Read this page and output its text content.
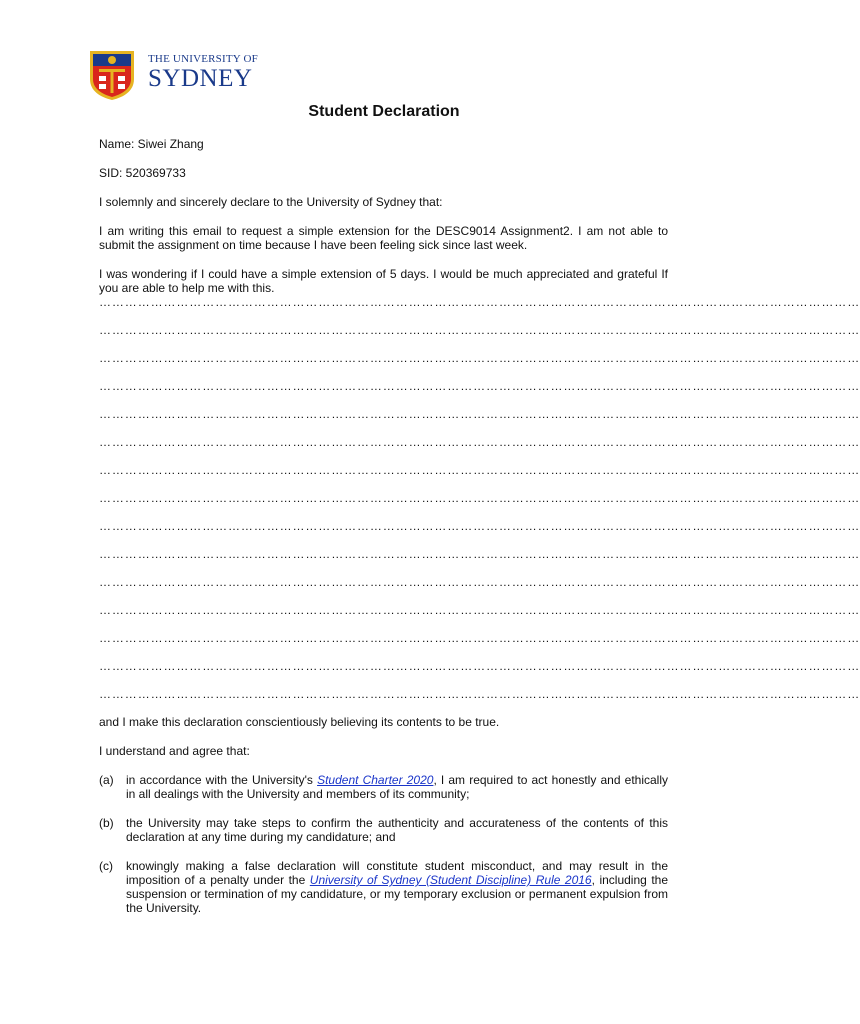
THE UNIVERSITY OF
SYDNEY
Student Declaration

Name: Siwei Zhang

SID: 520369733

I solemnly and sincerely declare to the University of Sydney that:

I am writing this email to request a simple extension for the DESC9014 Assignment2. I am not able to submit the assignment on time because I have been feeling sick since last week.

I was wondering if I could have a simple extension of 5 days. I would be much appreciated and grateful If you are able to help me with this.

……………………………………………………………………………………………………………………………………………………………

……………………………………………………………………………………………………………………………………………………………

……………………………………………………………………………………………………………………………………………………………

……………………………………………………………………………………………………………………………………………………………

……………………………………………………………………………………………………………………………………………………………

……………………………………………………………………………………………………………………………………………………………

……………………………………………………………………………………………………………………………………………………………

……………………………………………………………………………………………………………………………………………………………

……………………………………………………………………………………………………………………………………………………………

……………………………………………………………………………………………………………………………………………………………

……………………………………………………………………………………………………………………………………………………………

……………………………………………………………………………………………………………………………………………………………

……………………………………………………………………………………………………………………………………………………………

……………………………………………………………………………………………………………………………………………………………

……………………………………………………………………………………………………………………………………………………………

and I make this declaration conscientiously believing its contents to be true.

I understand and agree that:

(a)	in accordance with the University's Student Charter 2020, I am required to act honestly and ethically in all dealings with the University and members of its community;
(b)	the University may take steps to confirm the authenticity and accurateness of the contents of this declaration at any time during my candidature; and
(c)	knowingly making a false declaration will constitute student misconduct, and may result in the imposition of a penalty under the University of Sydney (Student Discipline) Rule 2016, including the suspension or termination of my candidature, or my temporary exclusion or permanent expulsion from the University.
